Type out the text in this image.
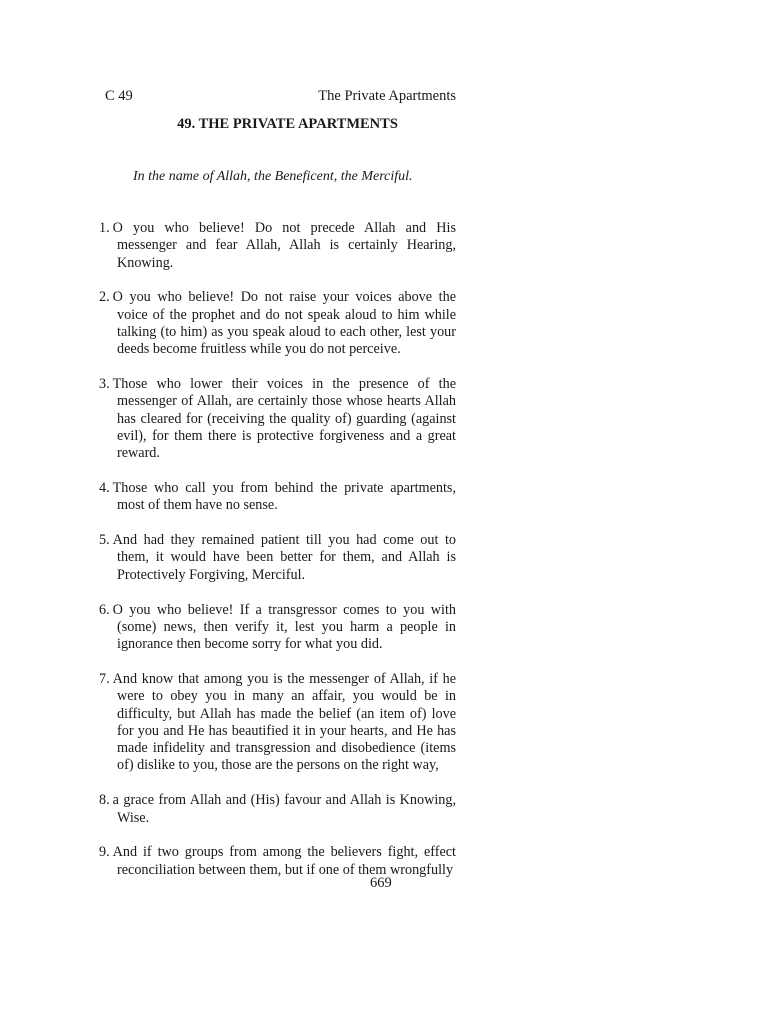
C 49	The Private Apartments
49. THE PRIVATE APARTMENTS
In the name of Allah, the Beneficent, the Merciful.

1. O you who believe! Do not precede Allah and His messenger and fear Allah, Allah is certainly Hearing, Knowing.

2. O you who believe! Do not raise your voices above the voice of the prophet and do not speak aloud to him while talking (to him) as you speak aloud to each other, lest your deeds become fruitless while you do not perceive.

3. Those who lower their voices in the presence of the messenger of Allah, are certainly those whose hearts Allah has cleared for (receiving the quality of) guarding (against evil), for them there is protective forgiveness and a great reward.

4. Those who call you from behind the private apartments, most of them have no sense.

5. And had they remained patient till you had come out to them, it would have been better for them, and Allah is Protectively Forgiving, Merciful.

6. O you who believe! If a transgressor comes to you with (some) news, then verify it, lest you harm a people in ignorance then become sorry for what you did.

7. And know that among you is the messenger of Allah, if he were to obey you in many an affair, you would be in difficulty, but Allah has made the belief (an item of) love for you and He has beautified it in your hearts, and He has made infidelity and transgression and disobedience (items of) dislike to you, those are the persons on the right way,

8. a grace from Allah and (His) favour and Allah is Knowing, Wise.

9. And if two groups from among the believers fight, effect reconciliation between them, but if one of them wrongfully

669
